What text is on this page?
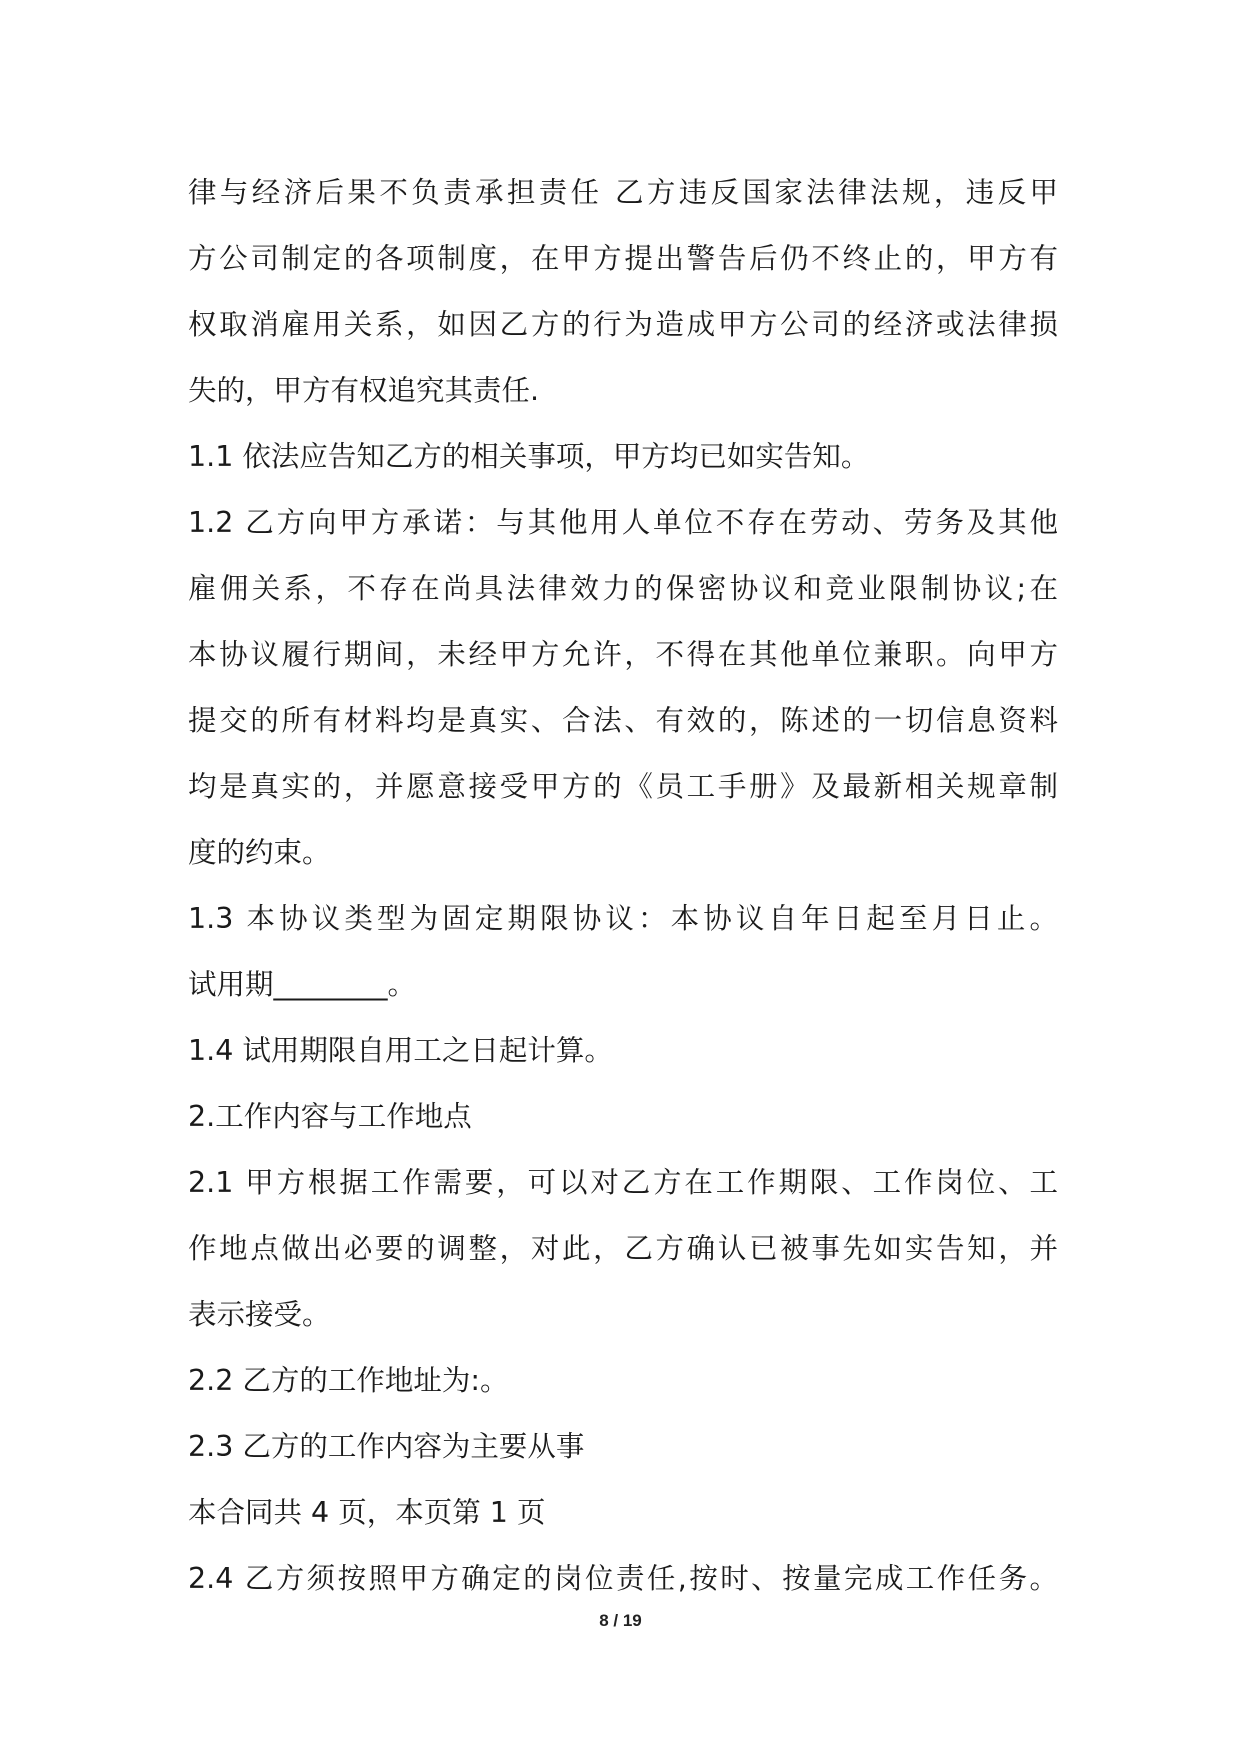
律与经济后果不负责承担责任 乙方违反国家法律法规，违反甲

方公司制定的各项制度，在甲方提出警告后仍不终止的，甲方有

权取消雇用关系，如因乙方的行为造成甲方公司的经济或法律损

失的，甲方有权追究其责任.

1.1 依法应告知乙方的相关事项，甲方均已如实告知。

1.2 乙方向甲方承诺：与其他用人单位不存在劳动、劳务及其他

雇佣关系，不存在尚具法律效力的保密协议和竞业限制协议;在

本协议履行期间，未经甲方允许，不得在其他单位兼职。向甲方

提交的所有材料均是真实、合法、有效的，陈述的一切信息资料

均是真实的，并愿意接受甲方的《员工手册》及最新相关规章制

度的约束。

1.3 本协议类型为固定期限协议：本协议自年日起至月日止。

试用期________。

1.4 试用期限自用工之日起计算。

2.工作内容与工作地点

2.1 甲方根据工作需要，可以对乙方在工作期限、工作岗位、工

作地点做出必要的调整，对此，乙方确认已被事先如实告知，并

表示接受。

2.2 乙方的工作地址为:。

2.3 乙方的工作内容为主要从事

本合同共 4 页，本页第 1 页

2.4 乙方须按照甲方确定的岗位责任,按时、按量完成工作任务。

8 / 19
